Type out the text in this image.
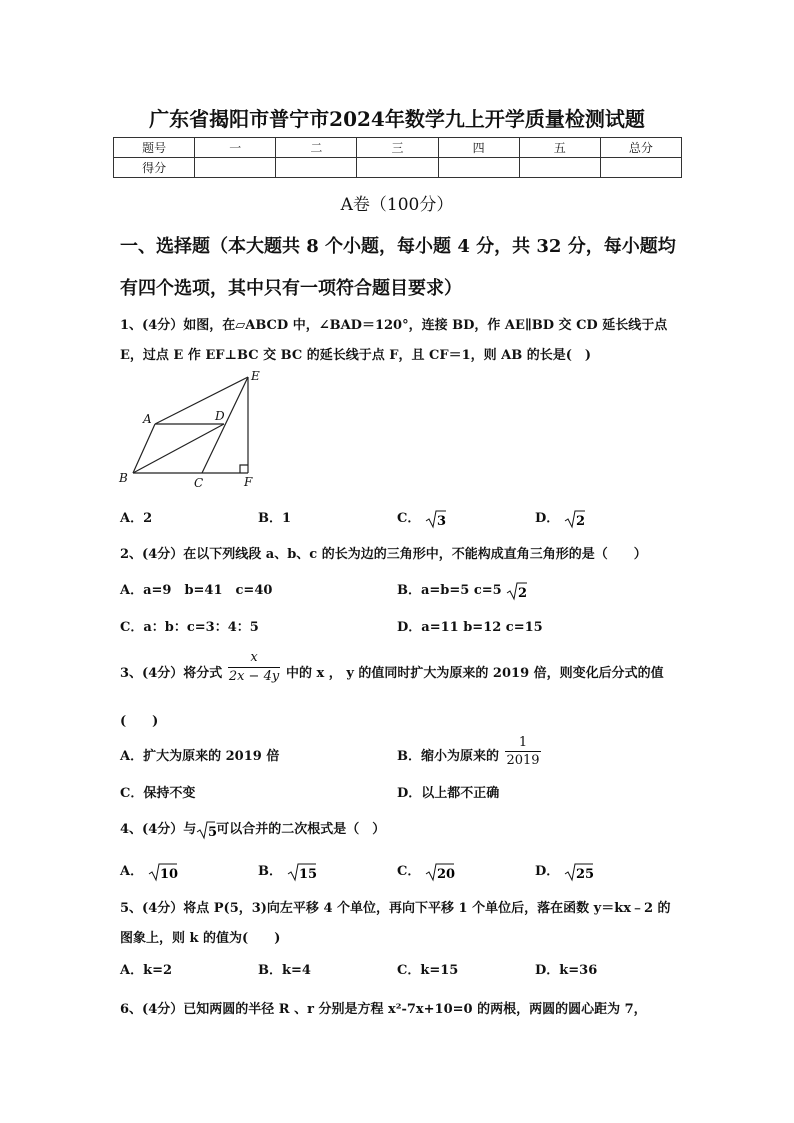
广东省揭阳市普宁市2024年数学九上开学质量检测试题
题号	一	二	三	四	五	总分
得分						
A卷（100分）
一、选择题（本大题共 8 个小题，每小题 4 分，共 32 分，每小题均
有四个选项，其中只有一项符合题目要求）
1、(4分）如图，在▱ABCD 中，∠BAD＝120°，连接 BD，作 AE∥BD 交 CD 延长线于点
E，过点 E 作 EF⊥BC 交 BC 的延长线于点 F，且 CF＝1，则 AB 的长是(　)
A
B	C
D
E
F
A．2	B．1	C． 3	D． 2
2、(4分）在以下列线段 a、b、c 的长为边的三角形中，不能构成直角三角形的是（　　）
A．a=9　b=41　c=40	B．a=b=5 c=5 2
C．a：b：c=3：4：5	D．a=11 b=12 c=15
3、(4分）将分式
x
2x − 4y 中的 x ， y 的值同时扩大为原来的 2019 倍，则变化后分式的值
(　　)
A．扩大为原来的 2019 倍	B．缩小为原来的
1
2019
C．保持不变	D．以上都不正确
4、(4分）与 5
可以合并的二次根式是（　）
A． 10	B． 15	C． 20	D． 25
5、(4分）将点 P(5，3)向左平移 4 个单位，再向下平移 1 个单位后，落在函数 y＝kx﹣2 的
图象上，则 k 的值为(　　)
A．k=2	B．k=4	C．k=15	D．k=36
6、(4分）已知两圆的半径 R 、r 分别是方程 x²-7x+10=0 的两根，两圆的圆心距为 7，
